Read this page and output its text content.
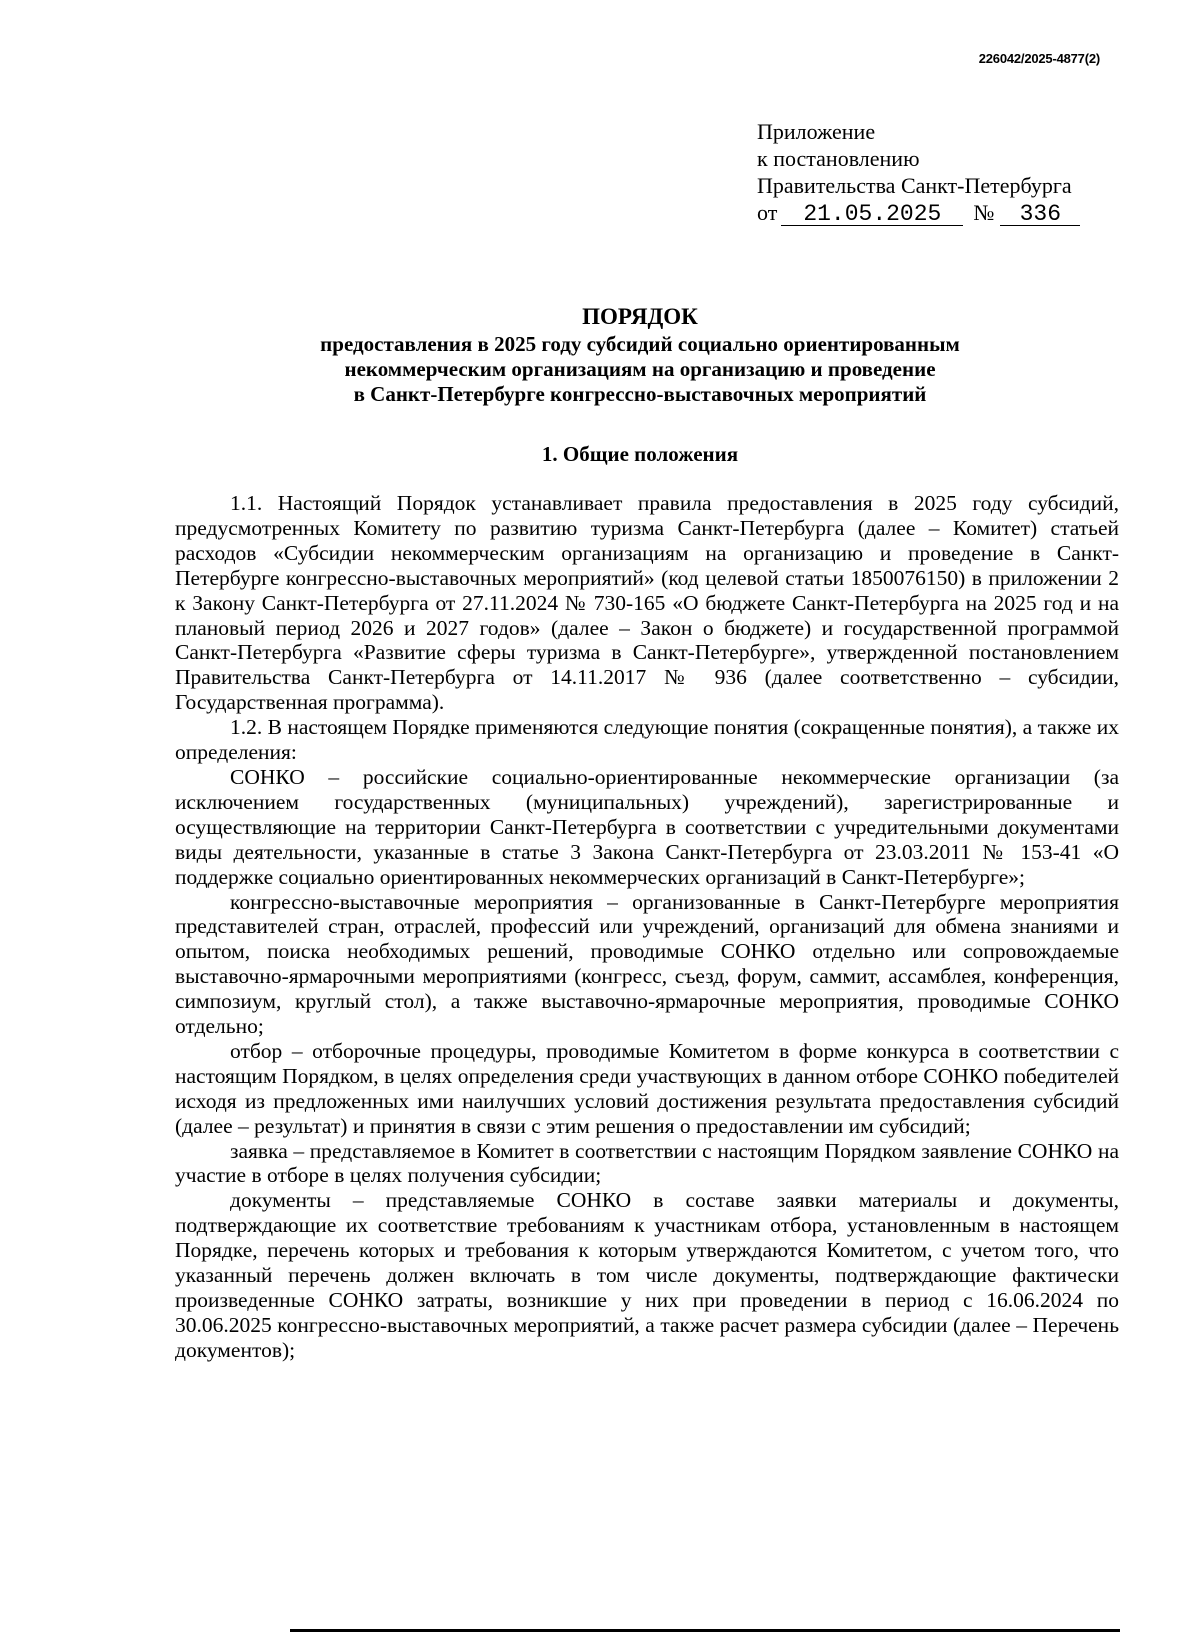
226042/2025-4877(2)
Приложение
к постановлению
Правительства Санкт-Петербурга
от 21.05.2025 № 336
ПОРЯДОК
предоставления в 2025 году субсидий социально ориентированным
некоммерческим организациям на организацию и проведение
в Санкт-Петербурге конгрессно-выставочных мероприятий
1. Общие положения

1.1. Настоящий Порядок устанавливает правила предоставления в 2025 году субсидий, предусмотренных Комитету по развитию туризма Санкт-Петербурга (далее – Комитет) статьей расходов «Субсидии некоммерческим организациям на организацию и проведение в Санкт-Петербурге конгрессно-выставочных мероприятий» (код целевой статьи 1850076150) в приложении 2 к Закону Санкт-Петербурга от 27.11.2024 № 730-165 «О бюджете Санкт-Петербурга на 2025 год и на плановый период 2026 и 2027 годов» (далее – Закон о бюджете) и государственной программой Санкт-Петербурга «Развитие сферы туризма в Санкт-Петербурге», утвержденной постановлением Правительства Санкт-Петербурга от 14.11.2017 № 936 (далее соответственно – субсидии, Государственная программа).

1.2. В настоящем Порядке применяются следующие понятия (сокращенные понятия), а также их определения:

СОНКО – российские социально-ориентированные некоммерческие организации (за исключением государственных (муниципальных) учреждений), зарегистрированные и осуществляющие на территории Санкт-Петербурга в соответствии с учредительными документами виды деятельности, указанные в статье 3 Закона Санкт-Петербурга от 23.03.2011 № 153-41 «О поддержке социально ориентированных некоммерческих организаций в Санкт-Петербурге»;

конгрессно-выставочные мероприятия – организованные в Санкт-Петербурге мероприятия представителей стран, отраслей, профессий или учреждений, организаций для обмена знаниями и опытом, поиска необходимых решений, проводимые СОНКО отдельно или сопровождаемые выставочно-ярмарочными мероприятиями (конгресс, съезд, форум, саммит, ассамблея, конференция, симпозиум, круглый стол), а также выставочно-ярмарочные мероприятия, проводимые СОНКО отдельно;

отбор – отборочные процедуры, проводимые Комитетом в форме конкурса в соответствии с настоящим Порядком, в целях определения среди участвующих в данном отборе СОНКО победителей исходя из предложенных ими наилучших условий достижения результата предоставления субсидий (далее – результат) и принятия в связи с этим решения о предоставлении им субсидий;

заявка – представляемое в Комитет в соответствии с настоящим Порядком заявление СОНКО на участие в отборе в целях получения субсидии;

документы – представляемые СОНКО в составе заявки материалы и документы, подтверждающие их соответствие требованиям к участникам отбора, установленным в настоящем Порядке, перечень которых и требования к которым утверждаются Комитетом, с учетом того, что указанный перечень должен включать в том числе документы, подтверждающие фактически произведенные СОНКО затраты, возникшие у них при проведении в период с 16.06.2024 по 30.06.2025 конгрессно-выставочных мероприятий, а также расчет размера субсидии (далее – Перечень документов);
